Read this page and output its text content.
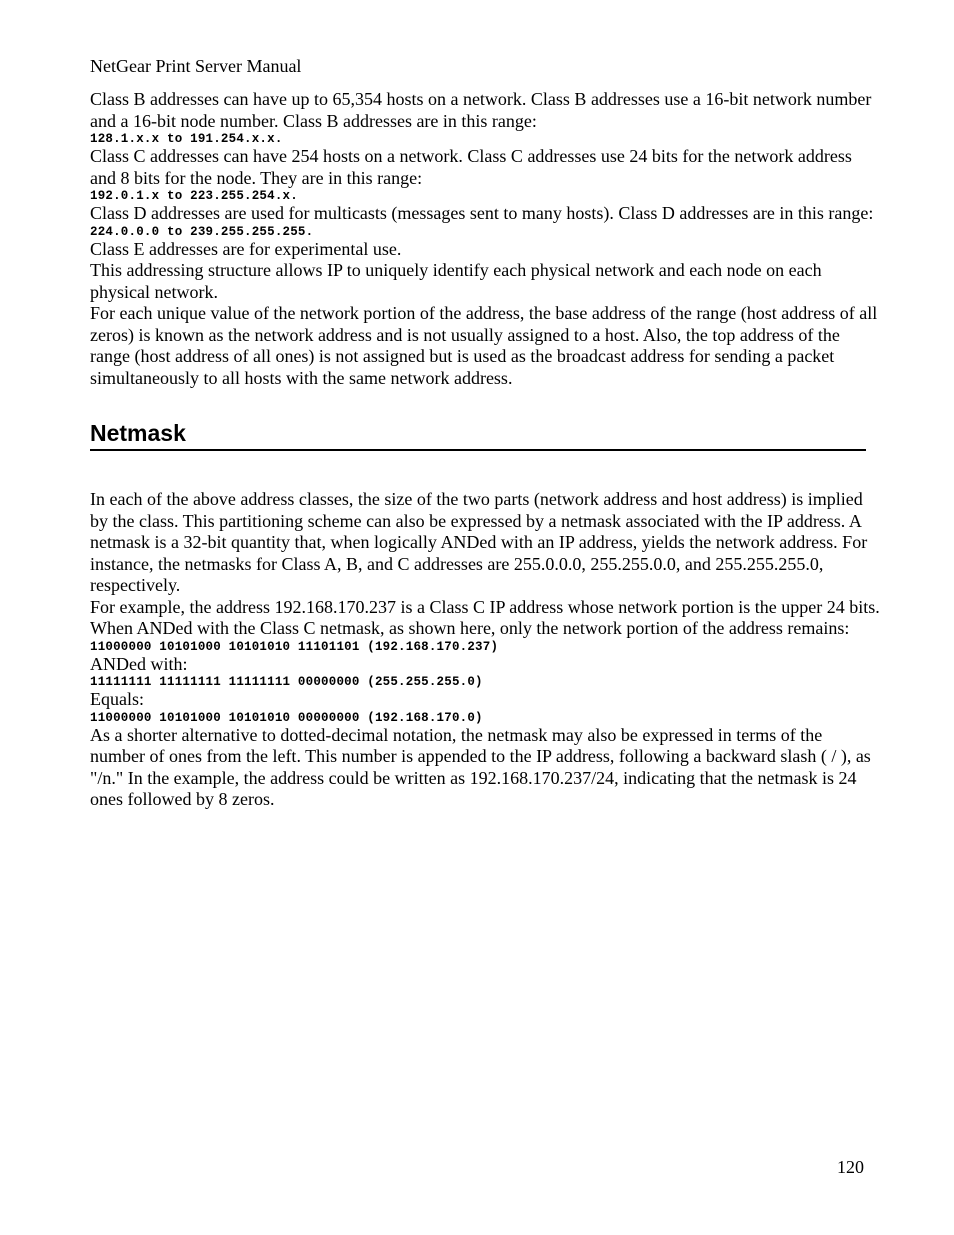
NetGear Print Server Manual

Class B addresses can have up to 65,354 hosts on a network. Class B addresses use a 16-bit network number and a 16-bit node number. Class B addresses are in this range:

128.1.x.x to 191.254.x.x.

Class C addresses can have 254 hosts on a network. Class C addresses use 24 bits for the network address and 8 bits for the node. They are in this range:

192.0.1.x to 223.255.254.x.

Class D addresses are used for multicasts (messages sent to many hosts). Class D addresses are in this range:

224.0.0.0 to 239.255.255.255.

Class E addresses are for experimental use.

This addressing structure allows IP to uniquely identify each physical network and each node on each physical network.

For each unique value of the network portion of the address, the base address of the range (host address of all zeros) is known as the network address and is not usually assigned to a host. Also, the top address of the range (host address of all ones) is not assigned but is used as the broadcast address for sending a packet simultaneously to all hosts with the same network address.

Netmask

In each of the above address classes, the size of the two parts (network address and host address) is implied by the class. This partitioning scheme can also be expressed by a netmask associated with the IP address. A netmask is a 32-bit quantity that, when logically ANDed with an IP address, yields the network address. For instance, the netmasks for Class A, B, and C addresses are 255.0.0.0, 255.255.0.0, and 255.255.255.0, respectively.

For example, the address 192.168.170.237 is a Class C IP address whose network portion is the upper 24 bits. When ANDed with the Class C netmask, as shown here, only the network portion of the address remains:

11000000 10101000 10101010 11101101 (192.168.170.237)

ANDed with:

11111111 11111111 11111111 00000000 (255.255.255.0)

Equals:

11000000 10101000 10101010 00000000 (192.168.170.0)

As a shorter alternative to dotted-decimal notation, the netmask may also be expressed in terms of the number of ones from the left. This number is appended to the IP address, following a backward slash ( / ), as "/n." In the example, the address could be written as 192.168.170.237/24, indicating that the netmask is 24 ones followed by 8 zeros.

120
